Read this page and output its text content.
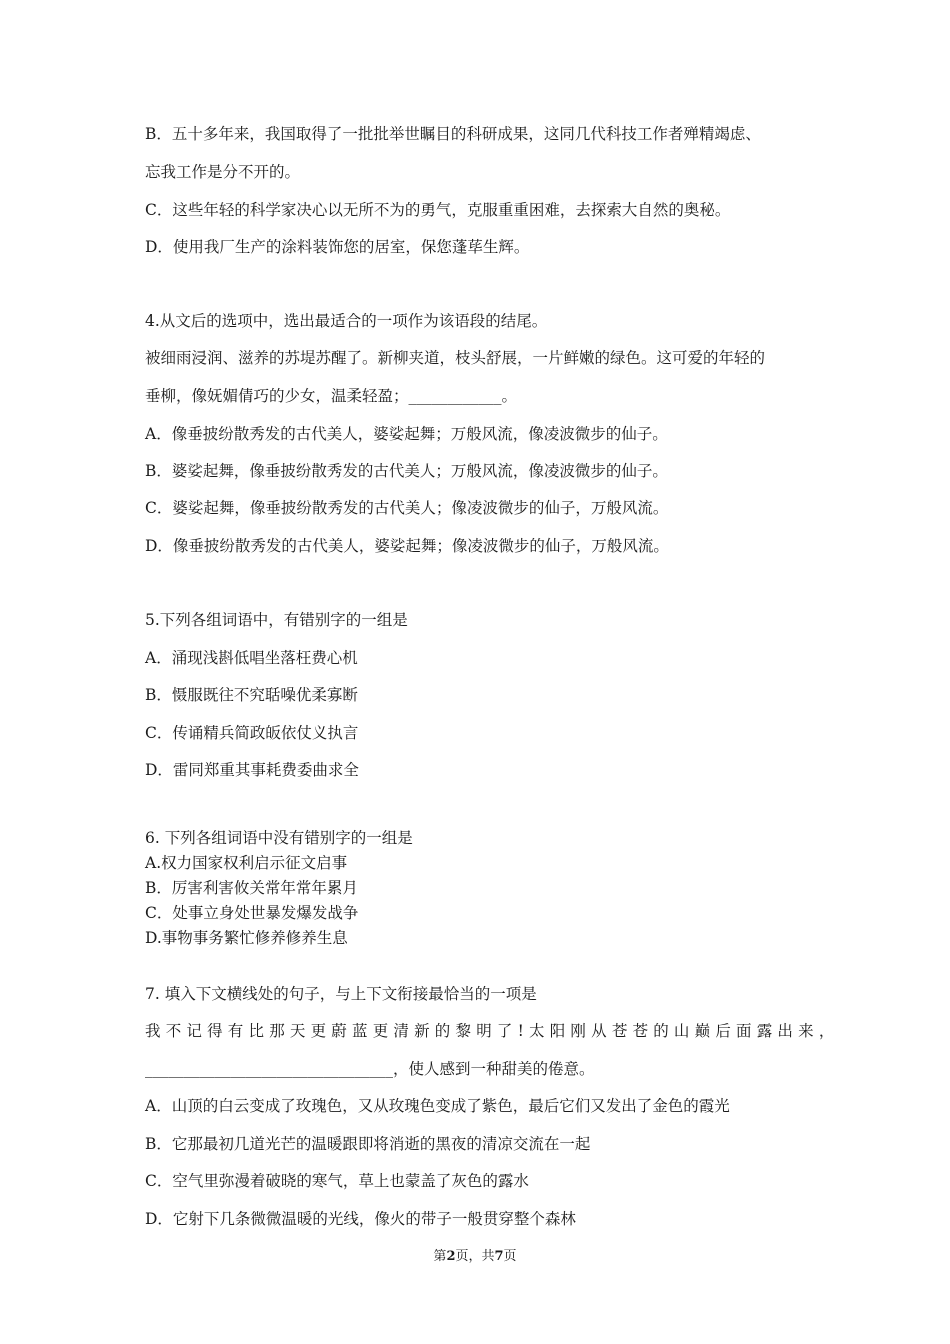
B．五十多年来，我国取得了一批批举世瞩目的科研成果，这同几代科技工作者殚精竭虑、
忘我工作是分不开的。
C．这些年轻的科学家决心以无所不为的勇气，克服重重困难，去探索大自然的奥秘。
D．使用我厂生产的涂料装饰您的居室，保您蓬荜生辉。
4.从文后的选项中，选出最适合的一项作为该语段的结尾。
被细雨浸润、滋养的苏堤苏醒了。新柳夹道，枝头舒展，一片鲜嫩的绿色。这可爱的年轻的
垂柳，像妩媚倩巧的少女，温柔轻盈；____________。
A．像垂披纷散秀发的古代美人，婆娑起舞；万般风流，像凌波微步的仙子。
B．婆娑起舞，像垂披纷散秀发的古代美人；万般风流，像凌波微步的仙子。
C．婆娑起舞，像垂披纷散秀发的古代美人；像凌波微步的仙子，万般风流。
D．像垂披纷散秀发的古代美人，婆娑起舞；像凌波微步的仙子，万般风流。
5.下列各组词语中，有错别字的一组是
A．涌现浅斟低唱坐落枉费心机
B．慑服既往不究聒噪优柔寡断
C．传诵精兵简政皈依仗义执言
D．雷同郑重其事耗费委曲求全
6. 下列各组词语中没有错别字的一组是
A.权力国家权利启示征文启事
B．厉害利害攸关常年常年累月
C．处事立身处世暴发爆发战争
D.事物事务繁忙修养修养生息
7. 填入下文横线处的句子，与上下文衔接最恰当的一项是
我不记得有比那天更蔚蓝更清新的黎明了!太阳刚从苍苍的山巅后面露出来，
________________________________，使人感到一种甜美的倦意。
A．山顶的白云变成了玫瑰色，又从玫瑰色变成了紫色，最后它们又发出了金色的霞光
B．它那最初几道光芒的温暖跟即将消逝的黑夜的清凉交流在一起
C．空气里弥漫着破晓的寒气，草上也蒙盖了灰色的露水
D．它射下几条微微温暖的光线，像火的带子一般贯穿整个森林
第2页，共7页
